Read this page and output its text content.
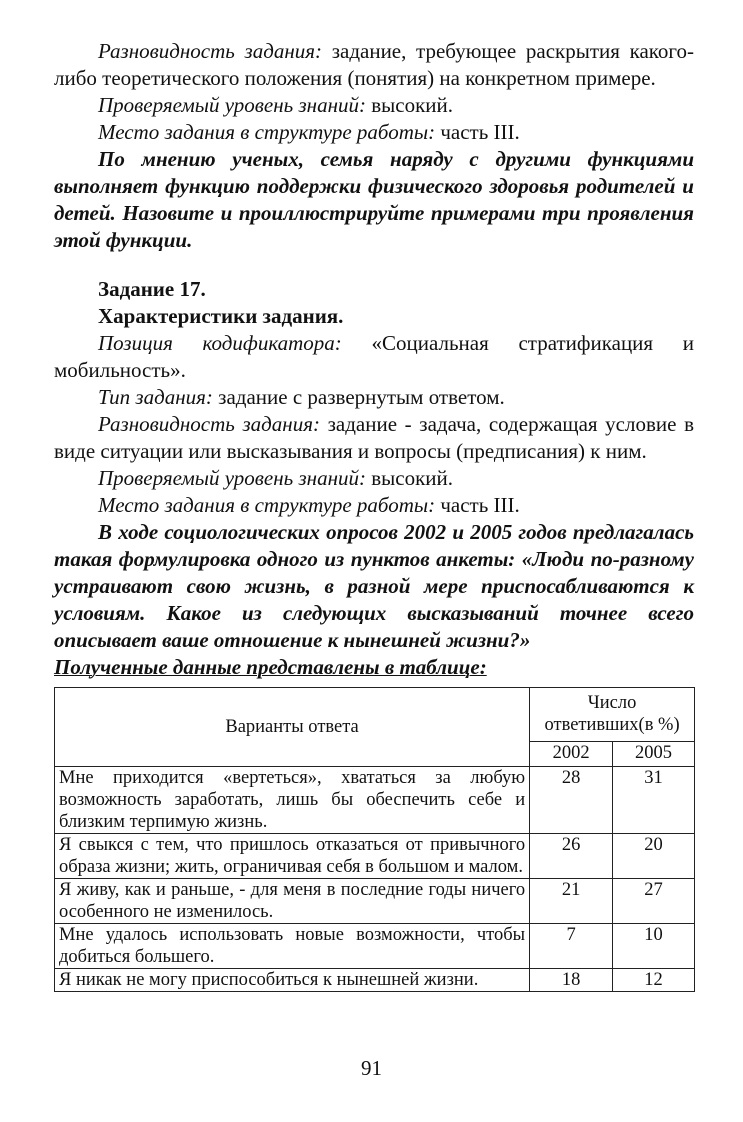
Разновидность задания: задание, требующее раскрытия какого-либо теоретического положения (понятия) на конкретном примере.

Проверяемый уровень знаний: высокий.

Место задания в структуре работы: часть III.

По мнению ученых, семья наряду с другими функциями выполняет функцию поддержки физического здоровья родителей и детей. Назовите и проиллюстрируйте примерами три проявления этой функции.

Задание 17.

Характеристики задания.

Позиция кодификатора: «Социальная стратификация и мобильность».

Тип задания: задание с развернутым ответом.

Разновидность задания: задание - задача, содержащая условие в виде ситуации или высказывания и вопросы (предписания) к ним.

Проверяемый уровень знаний: высокий.

Место задания в структуре работы: часть III.

В ходе социологических опросов 2002 и 2005 годов предлагалась такая формулировка одного из пунктов анкеты: «Люди по-разному устраивают свою жизнь, в разной мере приспосабливаются к условиям. Какое из следующих высказываний точнее всего описывает ваше отношение к нынешней жизни?»

Полученные данные представлены в таблице:

Варианты ответа	Число ответивших(в %)	
	2002	2005
Мне приходится «вертеться», хвататься за любую возможность заработать, лишь бы обеспечить себе и близким терпимую жизнь.	28	31
Я свыкся с тем, что пришлось отказаться от привычного образа жизни; жить, ограничивая себя в большом и малом.	26	20
Я живу, как и раньше, - для меня в последние годы ничего особенного не изменилось.	21	27
Мне удалось использовать новые возможности, чтобы добиться большего.	7	10
Я никак не могу приспособиться к нынешней жизни.	18	12
91
